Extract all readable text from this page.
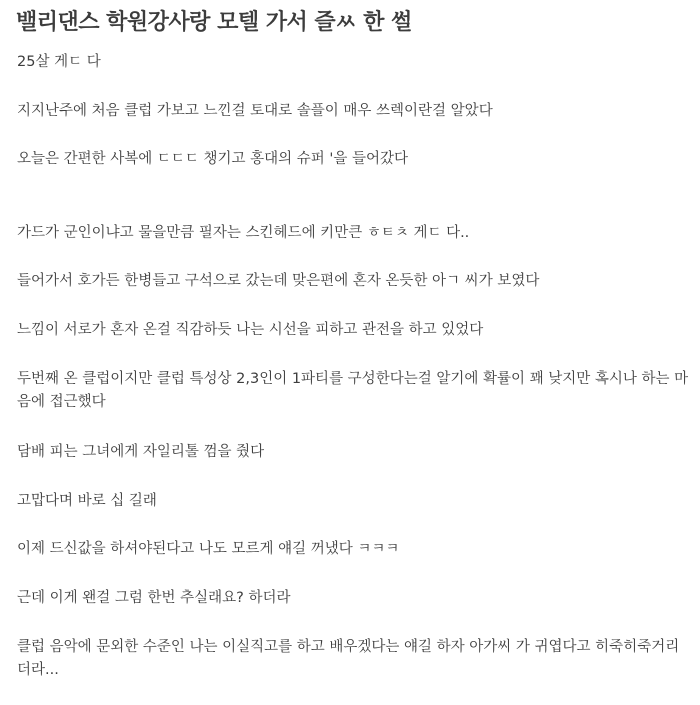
밸리댄스 학원강사랑 모텔 가서 즐ㅆ 한 썰

25살 게ㄷ 다

지지난주에 처음 클럽 가보고 느낀걸 토대로 솔플이 매우 쓰렉이란걸 알았다

오늘은 간편한 사복에 ㄷㄷㄷ 챙기고 홍대의 슈퍼 '을 들어갔다

가드가 군인이냐고 물을만큼 필자는 스킨헤드에 키만큰 ㅎㅌㅊ 게ㄷ 다..

들어가서 호가든 한병들고 구석으로 갔는데 맞은편에 혼자 온듯한 아ㄱ 씨가 보였다

느낌이 서로가 혼자 온걸 직감하듯 나는 시선을 피하고 관전을 하고 있었다

두번째 온 클럽이지만 클럽 특성상 2,3인이 1파티를 구성한다는걸 알기에 확률이 꽤 낮지만 혹시나 하는 마음에 접근했다

담배 피는 그녀에게 자일리톨 껌을 줬다

고맙다며 바로 십 길래

이제 드신값을 하셔야된다고 나도 모르게 얘길 꺼냈다 ㅋㅋㅋ

근데 이게 왠걸 그럼 한번 추실래요? 하더라

클럽 음악에 문외한 수준인 나는 이실직고를 하고 배우겠다는 얘길 하자 아가씨 가 귀엽다고 히죽히죽거리더라...
